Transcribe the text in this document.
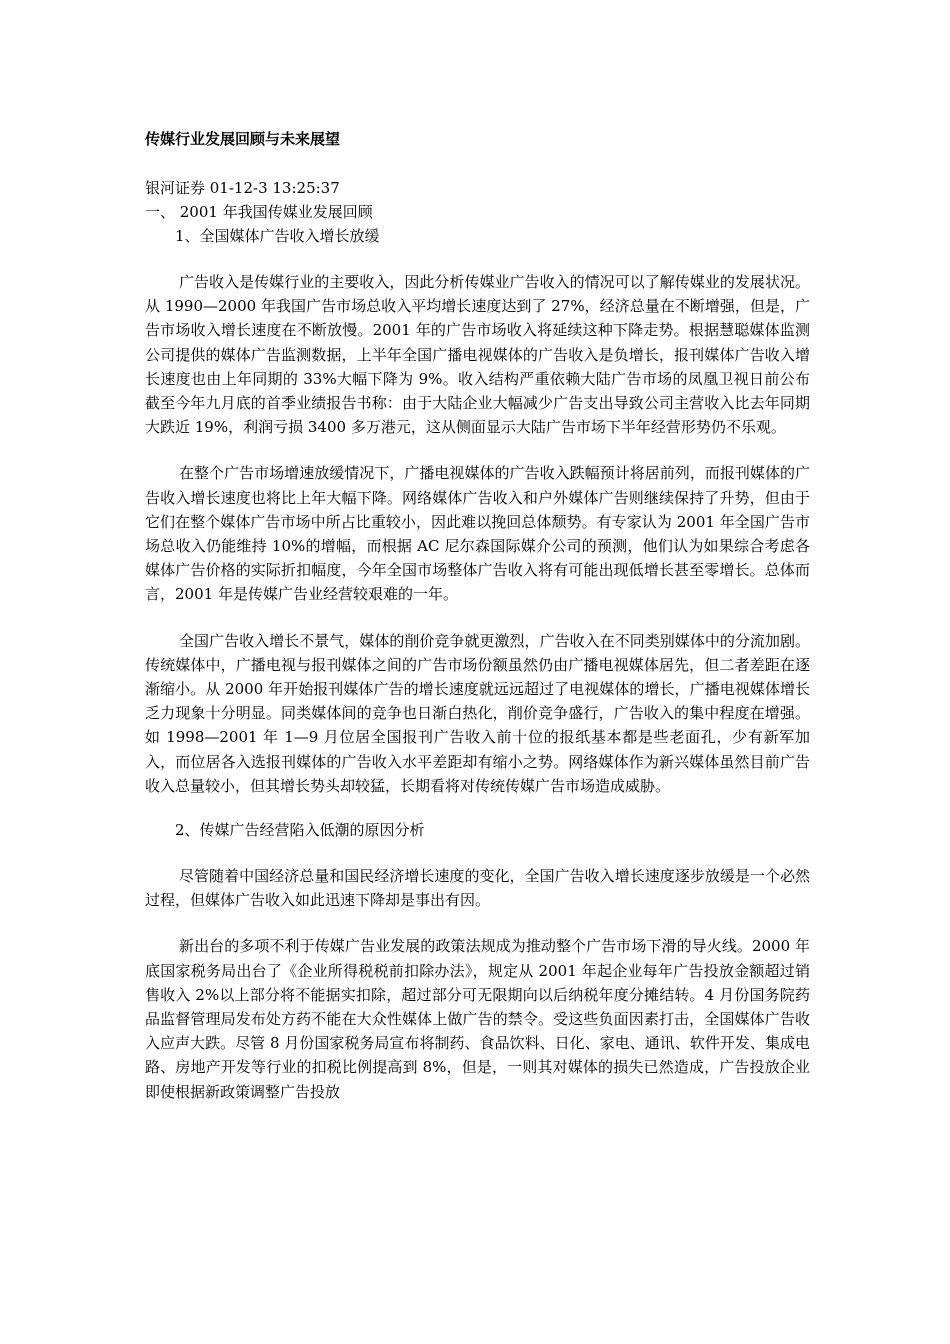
传媒行业发展回顾与未来展望
银河证券 01-12-3 13:25:37
一、 2001 年我国传媒业发展回顾
1、全国媒体广告收入增长放缓

广告收入是传媒行业的主要收入，因此分析传媒业广告收入的情况可以了解传媒业的发展状况。从 1990—2000 年我国广告市场总收入平均增长速度达到了 27%，经济总量在不断增强，但是，广告市场收入增长速度在不断放慢。2001 年的广告市场收入将延续这种下降走势。根据慧聪媒体监测公司提供的媒体广告监测数据，上半年全国广播电视媒体的广告收入是负增长，报刊媒体广告收入增长速度也由上年同期的 33%大幅下降为 9%。收入结构严重依赖大陆广告市场的凤凰卫视日前公布截至今年九月底的首季业绩报告书称：由于大陆企业大幅减少广告支出导致公司主营收入比去年同期大跌近 19%，利润亏损 3400 多万港元，这从侧面显示大陆广告市场下半年经营形势仍不乐观。

在整个广告市场增速放缓情况下，广播电视媒体的广告收入跌幅预计将居前列，而报刊媒体的广告收入增长速度也将比上年大幅下降。网络媒体广告收入和户外媒体广告则继续保持了升势，但由于它们在整个媒体广告市场中所占比重较小，因此难以挽回总体颓势。有专家认为 2001 年全国广告市场总收入仍能维持 10%的增幅，而根据 AC 尼尔森国际媒介公司的预测，他们认为如果综合考虑各媒体广告价格的实际折扣幅度，今年全国市场整体广告收入将有可能出现低增长甚至零增长。总体而言，2001 年是传媒广告业经营较艰难的一年。

全国广告收入增长不景气，媒体的削价竞争就更激烈，广告收入在不同类别媒体中的分流加剧。传统媒体中，广播电视与报刊媒体之间的广告市场份额虽然仍由广播电视媒体居先，但二者差距在逐渐缩小。从 2000 年开始报刊媒体广告的增长速度就远远超过了电视媒体的增长，广播电视媒体增长乏力现象十分明显。同类媒体间的竞争也日渐白热化，削价竞争盛行，广告收入的集中程度在增强。如 1998—2001 年 1—9 月位居全国报刊广告收入前十位的报纸基本都是些老面孔，少有新军加入，而位居各入选报刊媒体的广告收入水平差距却有缩小之势。网络媒体作为新兴媒体虽然目前广告收入总量较小，但其增长势头却较猛，长期看将对传统传媒广告市场造成威胁。

2、传媒广告经营陷入低潮的原因分析

尽管随着中国经济总量和国民经济增长速度的变化，全国广告收入增长速度逐步放缓是一个必然过程，但媒体广告收入如此迅速下降却是事出有因。

新出台的多项不利于传媒广告业发展的政策法规成为推动整个广告市场下滑的导火线。2000 年底国家税务局出台了《企业所得税税前扣除办法》，规定从 2001 年起企业每年广告投放金额超过销售收入 2%以上部分将不能据实扣除，超过部分可无限期向以后纳税年度分摊结转。4 月份国务院药品监督管理局发布处方药不能在大众性媒体上做广告的禁令。受这些负面因素打击，全国媒体广告收入应声大跌。尽管 8 月份国家税务局宣布将制药、食品饮料、日化、家电、通讯、软件开发、集成电路、房地产开发等行业的扣税比例提高到 8%，但是，一则其对媒体的损失已然造成，广告投放企业即使根据新政策调整广告投放
